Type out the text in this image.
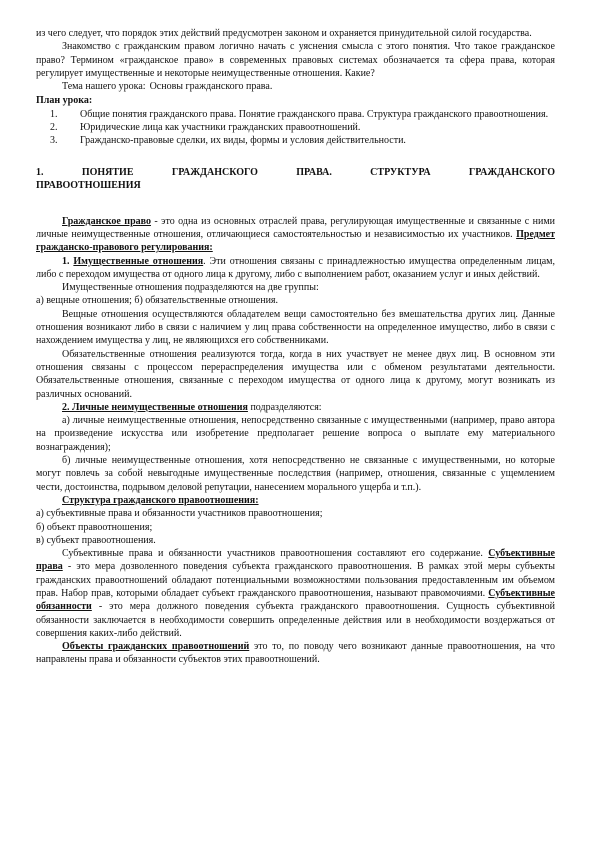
из чего следует, что порядок этих действий предусмотрен законом и охраняется принудительной силой государства.

Знакомство с гражданским правом логично начать с уяснения смысла с этого понятия. Что такое гражданское право? Термином «гражданское право» в современных правовых системах обозначается та сфера права, которая регулирует имущественные и некоторые неимущественные отношения. Какие?

Тема нашего урока: Основы гражданского права.

План урока:

1. Общие понятия гражданского права. Понятие гражданского права. Структура гражданского правоотношения.
2. Юридические лица как участники гражданских правоотношений.
3. Гражданско-правовые сделки, их виды, формы и условия действительности.

1. ПОНЯТИЕ ГРАЖДАНСКОГО ПРАВА. СТРУКТУРА ГРАЖДАНСКОГО ПРАВООТНОШЕНИЯ

Гражданское право - это одна из основных отраслей права, регулирующая имущественные и связанные с ними личные неимущественные отношения, отличающиеся самостоятельностью и независимостью их участников. Предмет гражданско-правового регулирования:

1. Имущественные отношения. Эти отношения связаны с принадлежностью имущества определенным лицам, либо с переходом имущества от одного лица к другому, либо с выполнением работ, оказанием услуг и иных действий.

Имущественные отношения подразделяются на две группы:

а) вещные отношения; б) обязательственные отношения.

Вещные отношения осуществляются обладателем вещи самостоятельно без вмешательства других лиц. Данные отношения возникают либо в связи с наличием у лиц права собственности на определенное имущество, либо в связи с нахождением имущества у лиц, не являющихся его собственниками.

Обязательственные отношения реализуются тогда, когда в них участвует не менее двух лиц. В основном эти отношения связаны с процессом перераспределения имущества или с обменом результатами деятельности. Обязательственные отношения, связанные с переходом имущества от одного лица к другому, могут возникать из различных оснований.

2. Личные неимущественные отношения подразделяются:

а) личные неимущественные отношения, непосредственно связанные с имущественными (например, право автора на произведение искусства или изобретение предполагает решение вопроса о выплате ему материального вознаграждения);

б) личные неимущественные отношения, хотя непосредственно не связанные с имущественными, но которые могут повлечь за собой невыгодные имущественные последствия (например, отношения, связанные с ущемлением чести, достоинства, подрывом деловой репутации, нанесением морального ущерба и т.п.).

Структура гражданского правоотношения:

а) субъективные права и обязанности участников правоотношения;

б) объект правоотношения;

в) субъект правоотношения.

Субъективные права и обязанности участников правоотношения составляют его содержание. Субъективные права - это мера дозволенного поведения субъекта гражданского правоотношения. В рамках этой меры субъекты гражданских правоотношений обладают потенциальными возможностями пользования предоставленным им объемом прав. Набор прав, которыми обладает субъект гражданского правоотношения, называют правомочиями. Субъективные обязанности - это мера должного поведения субъекта гражданского правоотношения. Сущность субъективной обязанности заключается в необходимости совершить определенные действия или в необходимости воздержаться от совершения каких-либо действий.

Объекты гражданских правоотношений это то, по поводу чего возникают данные правоотношения, на что направлены права и обязанности субъектов этих правоотношений.
